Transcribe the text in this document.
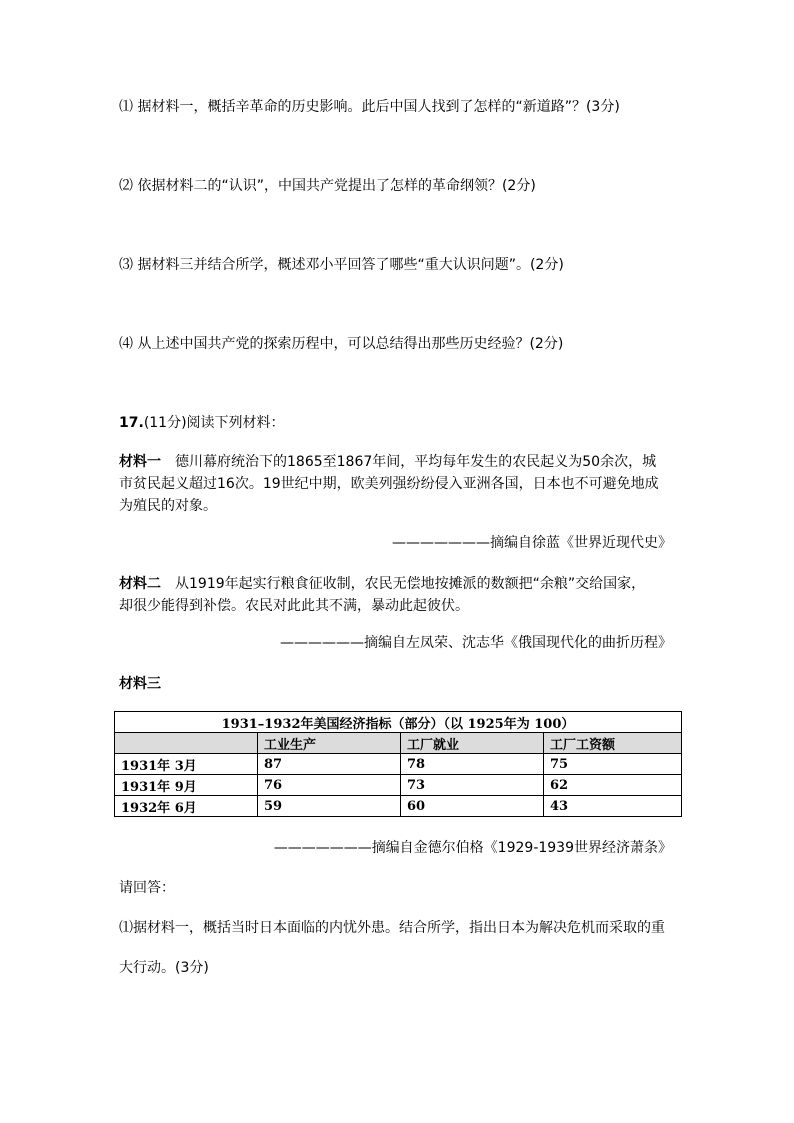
⑴ 据材料一，概括辛革命的历史影响。此后中国人找到了怎样的“新道路”？(3分)
⑵ 依据材料二的“认识”，中国共产党提出了怎样的革命纲领？(2分)
⑶ 据材料三并结合所学，概述邓小平回答了哪些“重大认识问题”。(2分)
⑷ 从上述中国共产党的探索历程中，可以总结得出那些历史经验？(2分)
17.(11分)阅读下列材料：
材料一 德川幕府统治下的1865至1867年间，平均每年发生的农民起义为50余次，城
市贫民起义超过16次。19世纪中期，欧美列强纷纷侵入亚洲各国，日本也不可避免地成
为殖民的对象。
———————摘编自徐蓝《世界近现代史》
材料二 从1919年起实行粮食征收制，农民无偿地按摊派的数额把“余粮”交给国家，
却很少能得到补偿。农民对此此其不满，暴动此起彼伏。
——————摘编自左凤荣、沈志华《俄国现代化的曲折历程》
材料三
1931–1932年美国经济指标（部分）（以 1925年为 100）			
	工业生产	工厂就业	工厂工资额
1931年 3月	87	78	75
1931年 9月	76	73	62
1932年 6月	59	60	43
———————摘编自金德尔伯格《1929-1939世界经济萧条》
请回答：
⑴据材料一，概括当时日本面临的内忧外患。结合所学，指出日本为解决危机而采取的重
大行动。(3分)
